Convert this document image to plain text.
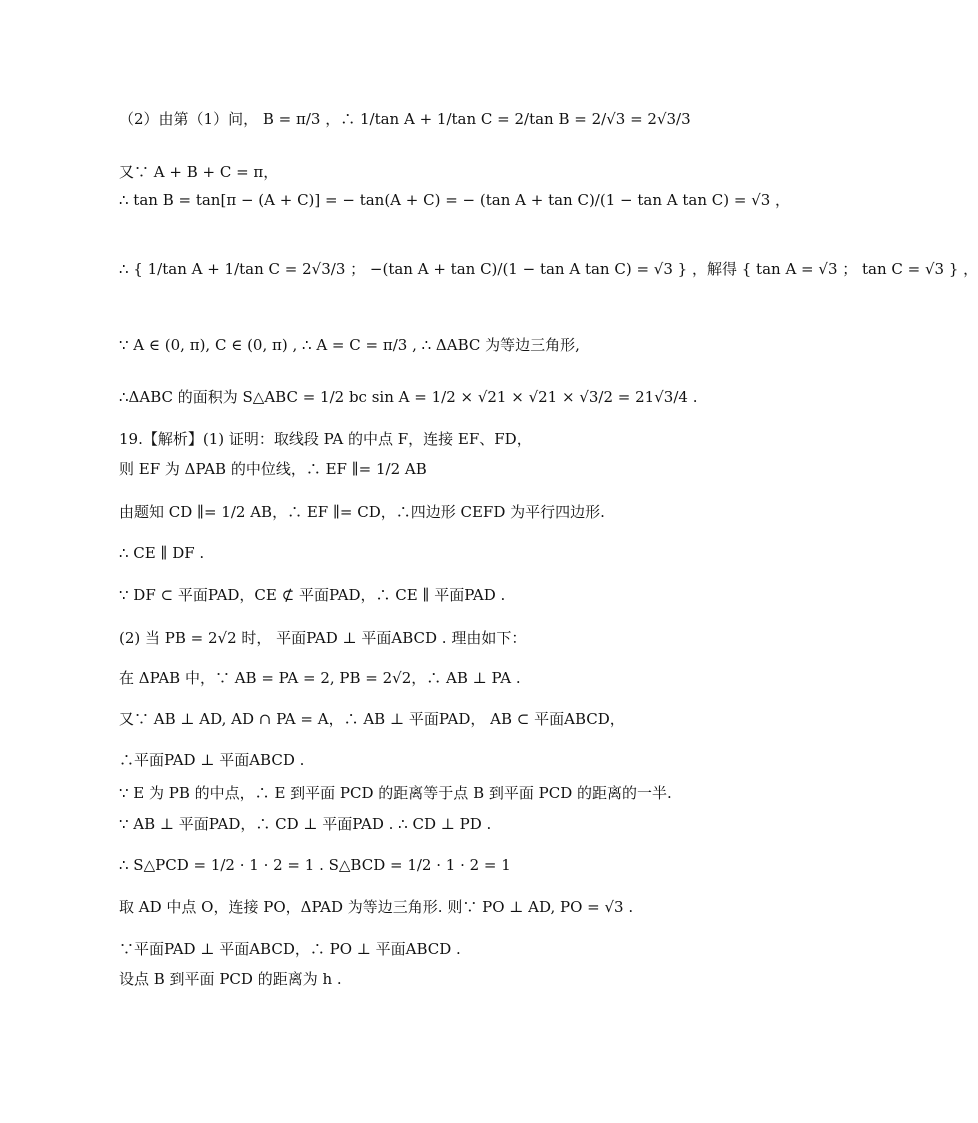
（2）由第（1）问， B = π/3 ，∴ 1/tan A + 1/tan C = 2/tan B = 2/√3 = 2√3/3
又∵ A + B + C = π，
∴ tan B = tan[π − (A + C)] = − tan(A + C) = − (tan A + tan C)/(1 − tan A tan C) = √3 ，
∴ { 1/tan A + 1/tan C = 2√3/3 ； −(tan A + tan C)/(1 − tan A tan C) = √3 } ，解得 { tan A = √3 ； tan C = √3 } ，
∵ A ∈ (0, π), C ∈ (0, π) , ∴ A = C = π/3 , ∴ ΔABC 为等边三角形,
∴ΔABC 的面积为 S△ABC = 1/2 bc sin A = 1/2 × √21 × √21 × √3/2 = 21√3/4 .
19.【解析】(1) 证明：取线段 PA 的中点 F，连接 EF、FD，
则 EF 为 ΔPAB 的中位线，∴ EF ∥= 1/2 AB
由题知 CD ∥= 1/2 AB，∴ EF ∥= CD，∴四边形 CEFD 为平行四边形.
∴ CE ∥ DF .
∵ DF ⊂ 平面PAD，CE ⊄ 平面PAD，∴ CE ∥ 平面PAD .
(2) 当 PB = 2√2 时， 平面PAD ⊥ 平面ABCD . 理由如下：
在 ΔPAB 中，∵ AB = PA = 2, PB = 2√2，∴ AB ⊥ PA .
又∵ AB ⊥ AD, AD ∩ PA = A，∴ AB ⊥ 平面PAD， AB ⊂ 平面ABCD，
∴平面PAD ⊥ 平面ABCD .
∵ E 为 PB 的中点，∴ E 到平面 PCD 的距离等于点 B 到平面 PCD 的距离的一半.
∵ AB ⊥ 平面PAD，∴ CD ⊥ 平面PAD . ∴ CD ⊥ PD .
∴ S△PCD = 1/2 · 1 · 2 = 1 . S△BCD = 1/2 · 1 · 2 = 1
取 AD 中点 O，连接 PO，ΔPAD 为等边三角形. 则∵ PO ⊥ AD, PO = √3 .
∵平面PAD ⊥ 平面ABCD，∴ PO ⊥ 平面ABCD .
设点 B 到平面 PCD 的距离为 h .
